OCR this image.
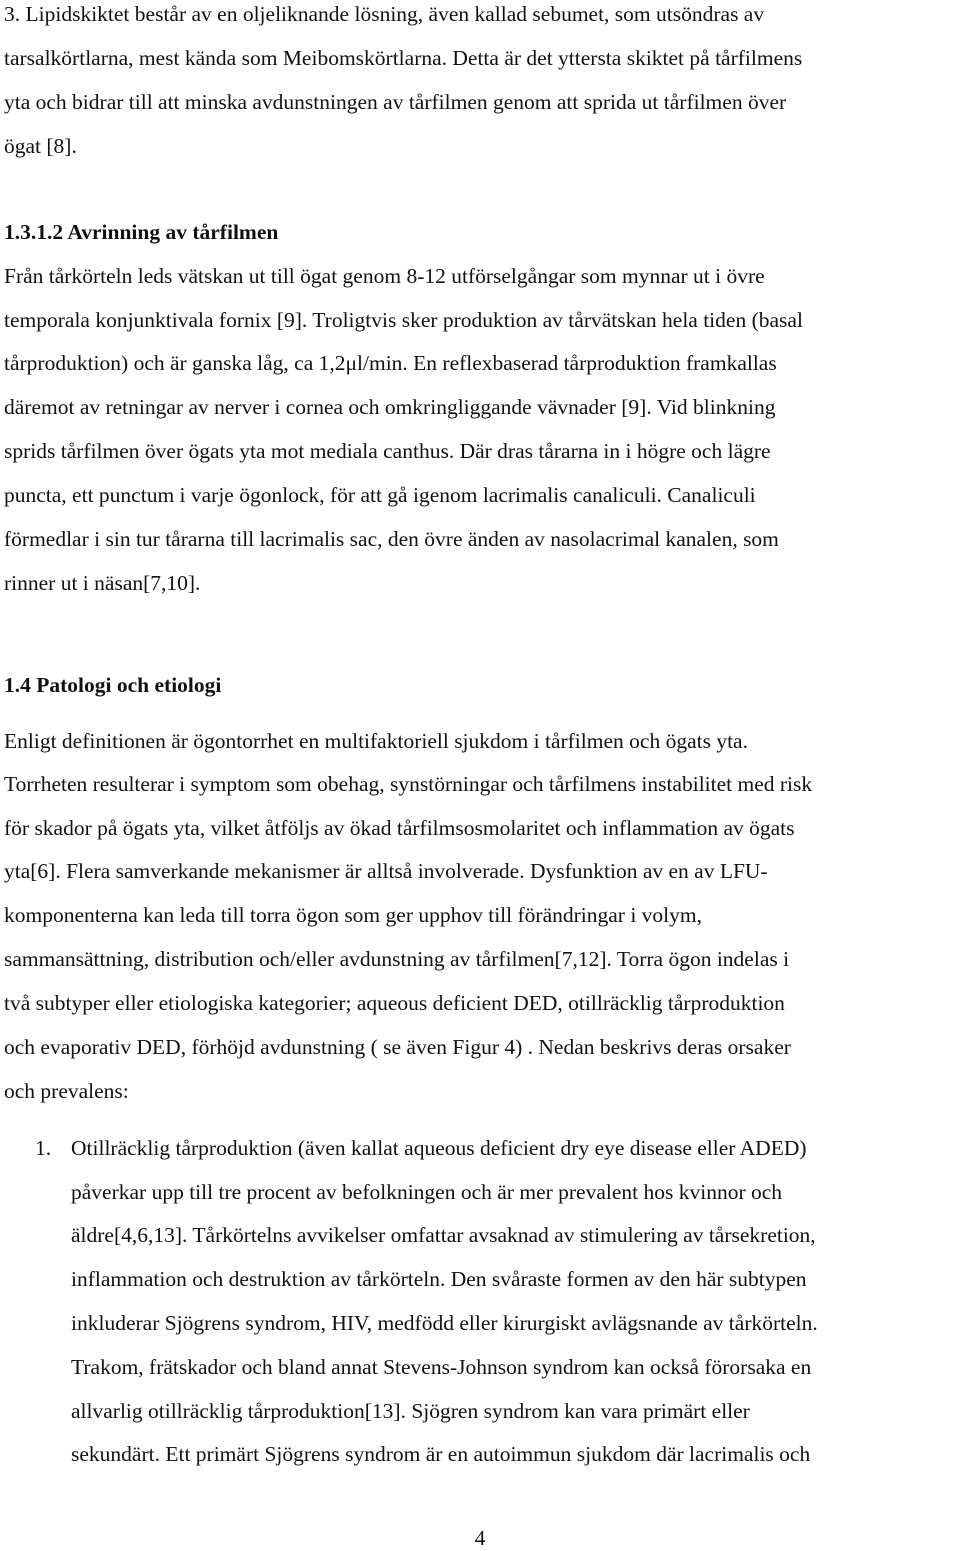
3. Lipidskiktet består av en oljeliknande lösning, även kallad sebumet, som utsöndras av

tarsalkörtlarna, mest kända som Meibomskörtlarna. Detta är det yttersta skiktet på tårfilmens

yta och bidrar till att minska avdunstningen av tårfilmen genom att sprida ut tårfilmen över

ögat [8].

1.3.1.2 Avrinning av tårfilmen

Från tårkörteln leds vätskan ut till ögat genom 8-12 utförselgångar som mynnar ut i övre

temporala konjunktivala fornix [9]. Troligtvis sker produktion av tårvätskan hela tiden (basal

tårproduktion) och är ganska låg, ca 1,2μl/min. En reflexbaserad tårproduktion framkallas

däremot av retningar av nerver i cornea och omkringliggande vävnader [9]. Vid blinkning

sprids tårfilmen över ögats yta mot mediala canthus. Där dras tårarna in i högre och lägre

puncta, ett punctum i varje ögonlock, för att gå igenom lacrimalis canaliculi. Canaliculi

förmedlar i sin tur tårarna till lacrimalis sac, den övre änden av nasolacrimal kanalen, som

rinner ut i näsan[7,10].

1.4 Patologi och etiologi

Enligt definitionen är ögontorrhet en multifaktoriell sjukdom i tårfilmen och ögats yta.

Torrheten resulterar i symptom som obehag, synstörningar och tårfilmens instabilitet med risk

för skador på ögats yta, vilket åtföljs av ökad tårfilmsosmolaritet och inflammation av ögats

yta[6]. Flera samverkande mekanismer är alltså involverade. Dysfunktion av en av LFU-

komponenterna kan leda till torra ögon som ger upphov till förändringar i volym,

sammansättning, distribution och/eller avdunstning av tårfilmen[7,12]. Torra ögon indelas i

två subtyper eller etiologiska kategorier; aqueous deficient DED, otillräcklig tårproduktion

och evaporativ DED, förhöjd avdunstning ( se även Figur 4) . Nedan beskrivs deras orsaker

och prevalens:

1. Otillräcklig tårproduktion (även kallat aqueous deficient dry eye disease eller ADED)

påverkar upp till tre procent av befolkningen och är mer prevalent hos kvinnor och

äldre[4,6,13]. Tårkörtelns avvikelser omfattar avsaknad av stimulering av tårsekretion,

inflammation och destruktion av tårkörteln. Den svåraste formen av den här subtypen

inkluderar Sjögrens syndrom, HIV, medfödd eller kirurgiskt avlägsnande av tårkörteln.

Trakom, frätskador och bland annat Stevens-Johnson syndrom kan också förorsaka en

allvarlig otillräcklig tårproduktion[13]. Sjögren syndrom kan vara primärt eller

sekundärt. Ett primärt Sjögrens syndrom är en autoimmun sjukdom där lacrimalis och

4
